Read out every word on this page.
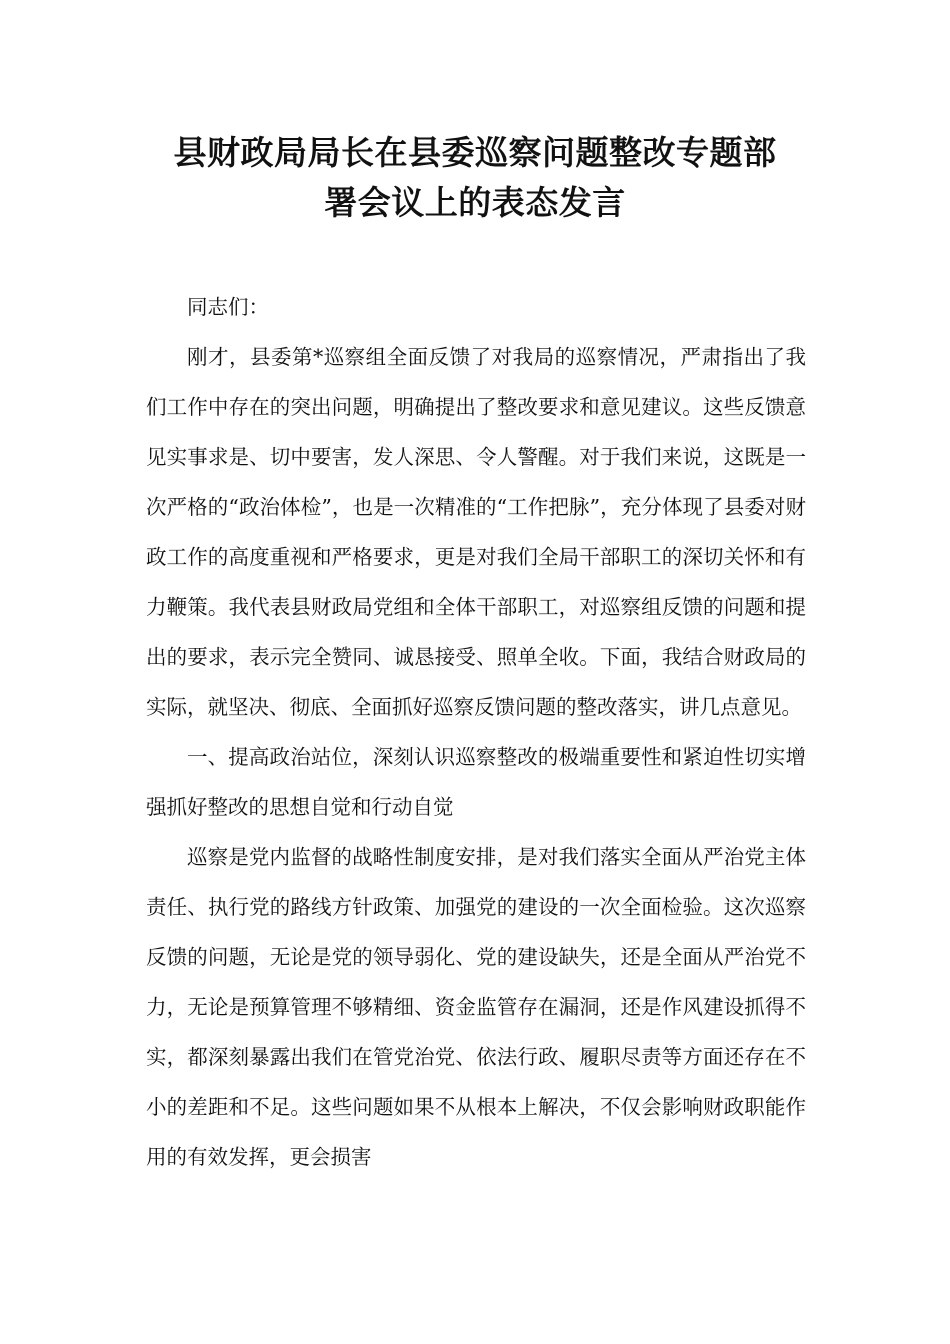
县财政局局长在县委巡察问题整改专题部
署会议上的表态发言

同志们：

刚才，县委第*巡察组全面反馈了对我局的巡察情况，严肃指出了我们工作中存在的突出问题，明确提出了整改要求和意见建议。这些反馈意见实事求是、切中要害，发人深思、令人警醒。对于我们来说，这既是一次严格的“政治体检”，也是一次精准的“工作把脉”，充分体现了县委对财政工作的高度重视和严格要求，更是对我们全局干部职工的深切关怀和有力鞭策。我代表县财政局党组和全体干部职工，对巡察组反馈的问题和提出的要求，表示完全赞同、诚恳接受、照单全收。下面，我结合财政局的实际，就坚决、彻底、全面抓好巡察反馈问题的整改落实，讲几点意见。

一、提高政治站位，深刻认识巡察整改的极端重要性和紧迫性切实增强抓好整改的思想自觉和行动自觉

巡察是党内监督的战略性制度安排，是对我们落实全面从严治党主体责任、执行党的路线方针政策、加强党的建设的一次全面检验。这次巡察反馈的问题，无论是党的领导弱化、党的建设缺失，还是全面从严治党不力，无论是预算管理不够精细、资金监管存在漏洞，还是作风建设抓得不实，都深刻暴露出我们在管党治党、依法行政、履职尽责等方面还存在不小的差距和不足。这些问题如果不从根本上解决，不仅会影响财政职能作用的有效发挥，更会损害
